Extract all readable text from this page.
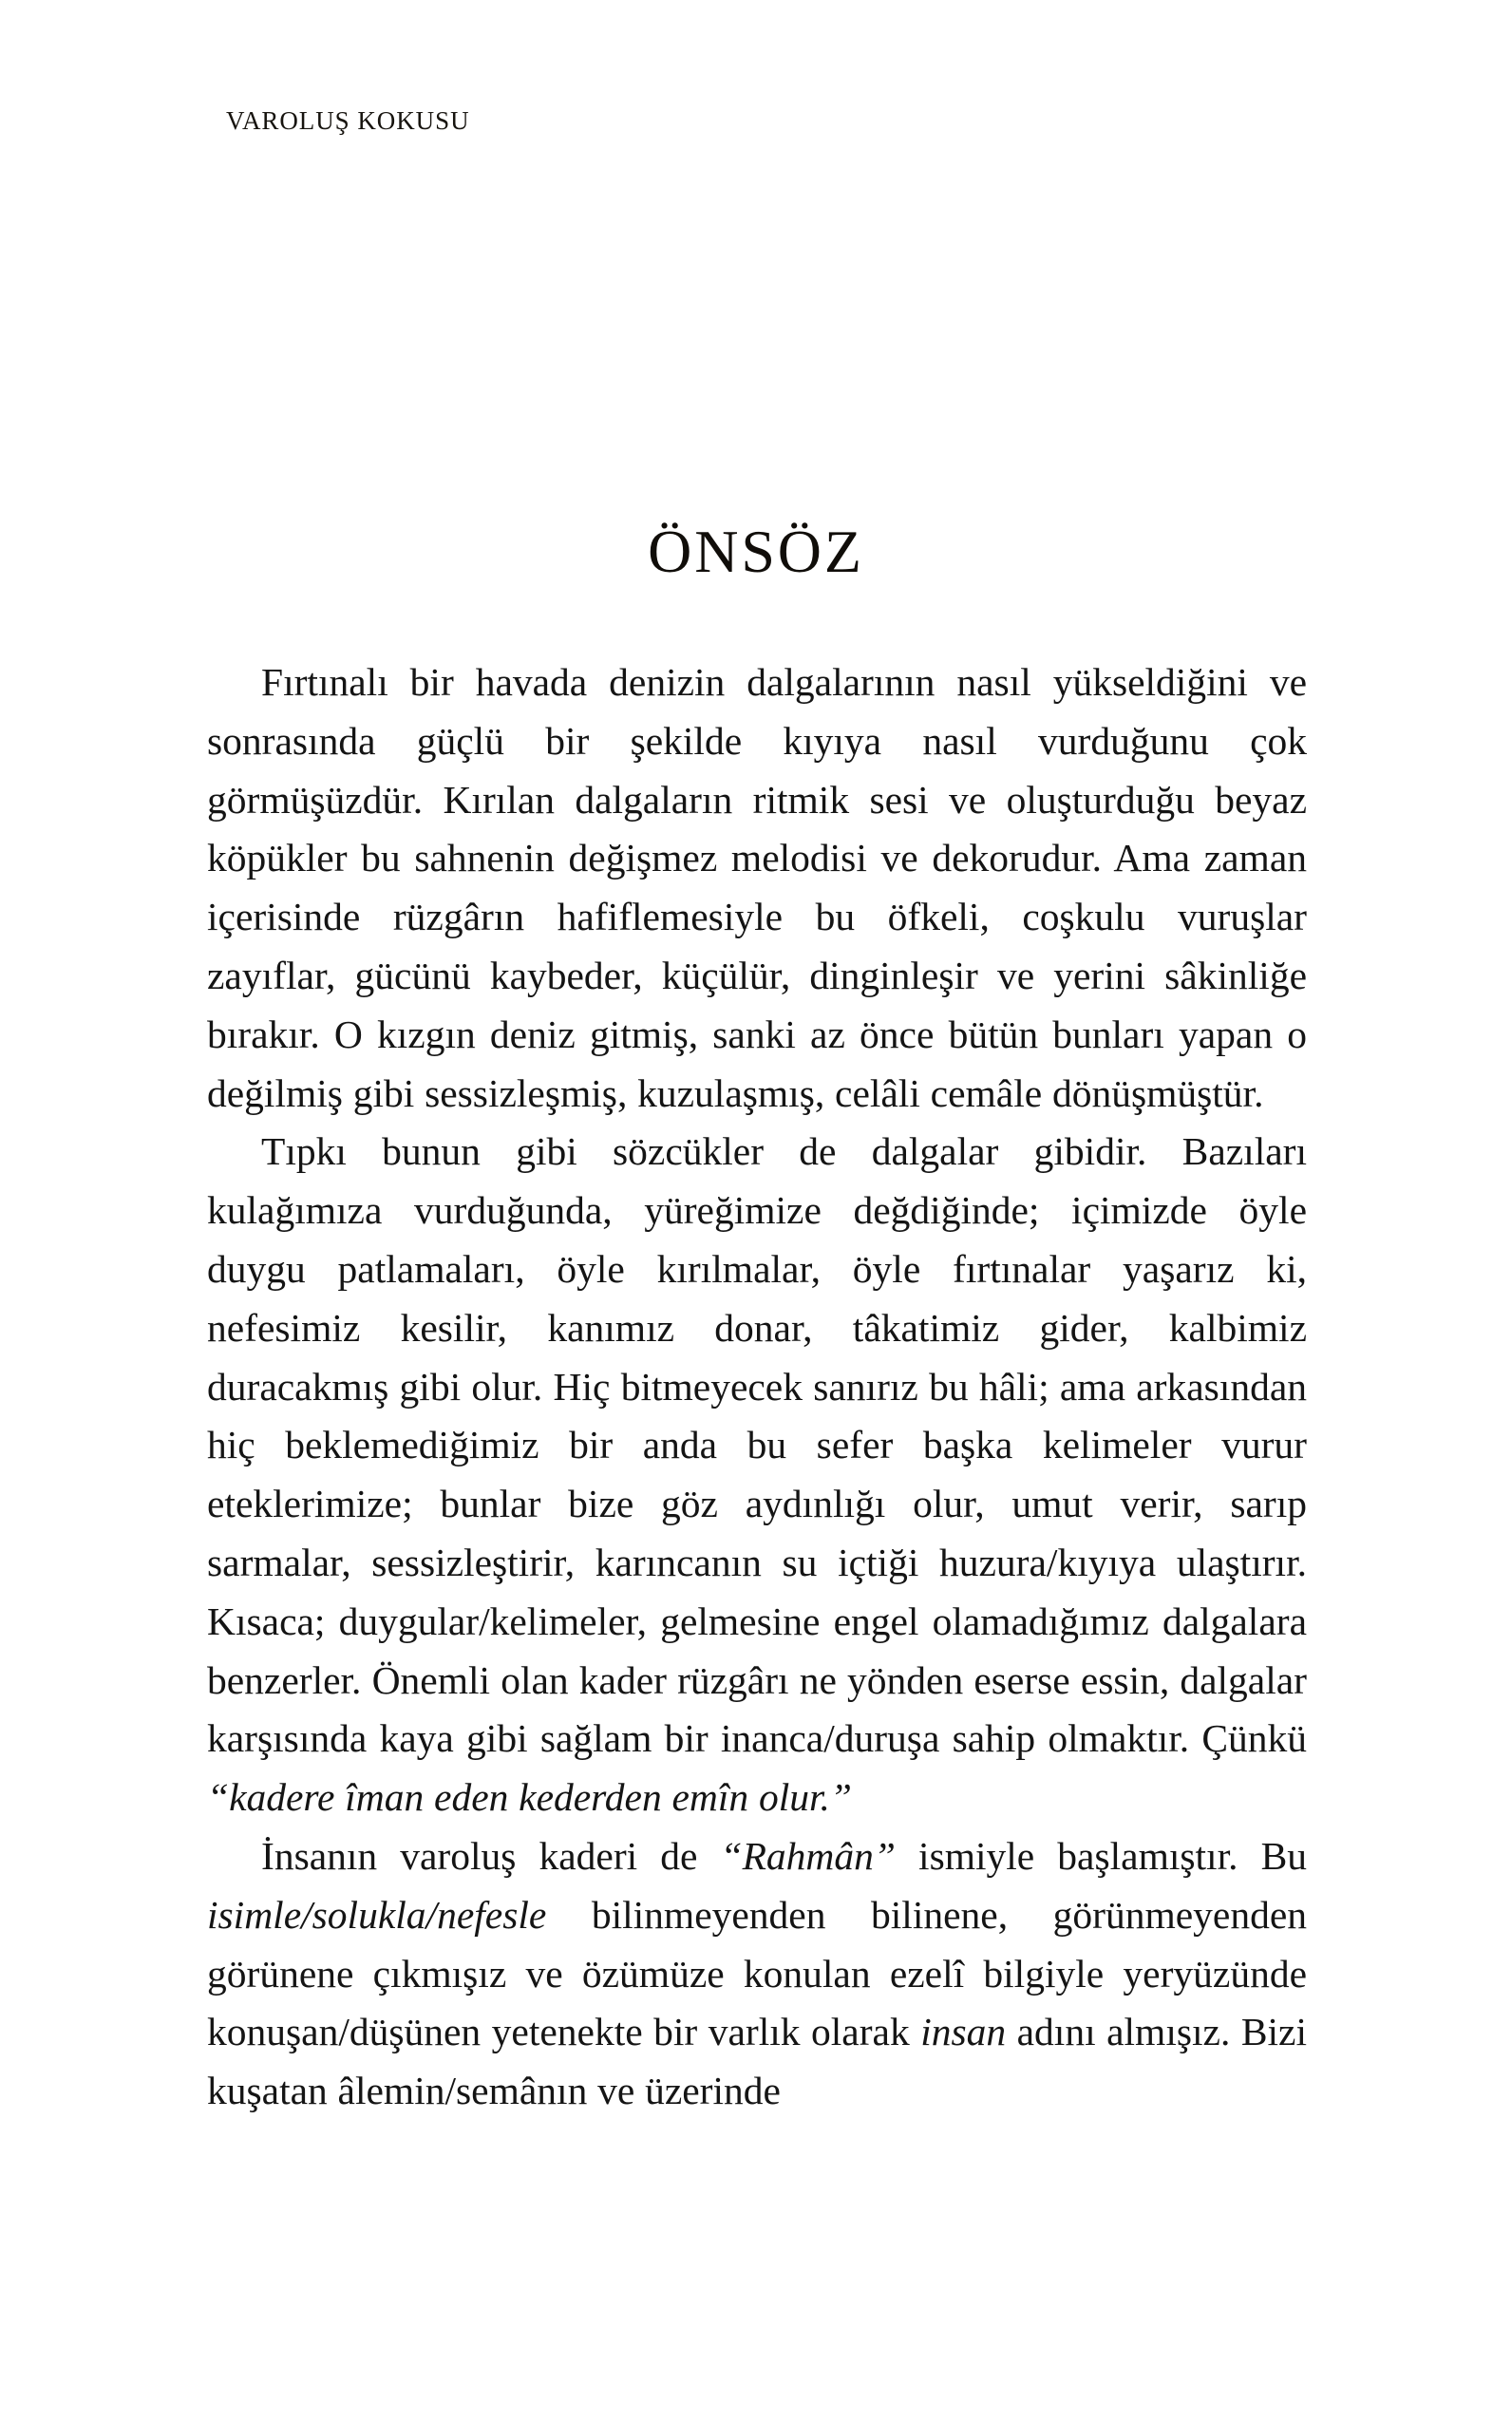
VAROLUŞ KOKUSU
ÖNSÖZ

Fırtınalı bir havada denizin dalgalarının nasıl yükseldiğini ve sonrasında güçlü bir şekilde kıyıya nasıl vurduğunu çok görmüşüzdür. Kırılan dalgaların ritmik sesi ve oluşturduğu beyaz köpükler bu sahnenin değişmez melodisi ve dekorudur. Ama zaman içerisinde rüzgârın hafiflemesiyle bu öfkeli, coşkulu vuruşlar zayıflar, gücünü kaybeder, küçülür, dinginleşir ve yerini sâkinliğe bırakır. O kızgın deniz gitmiş, sanki az önce bütün bunları yapan o değilmiş gibi sessizleşmiş, kuzulaşmış, celâli cemâle dönüşmüştür.

Tıpkı bunun gibi sözcükler de dalgalar gibidir. Bazıları kulağımıza vurduğunda, yüreğimize değdiğinde; içimizde öyle duygu patlamaları, öyle kırılmalar, öyle fırtınalar yaşarız ki, nefesimiz kesilir, kanımız donar, tâkatimiz gider, kalbimiz duracakmış gibi olur. Hiç bitmeyecek sanırız bu hâli; ama arkasından hiç beklemediğimiz bir anda bu sefer başka kelimeler vurur eteklerimize; bunlar bize göz aydınlığı olur, umut verir, sarıp sarmalar, sessizleştirir, karıncanın su içtiği huzura/kıyıya ulaştırır. Kısaca; duygular/kelimeler, gelmesine engel olamadığımız dalgalara benzerler. Önemli olan kader rüzgârı ne yönden eserse essin, dalgalar karşısında kaya gibi sağlam bir inanca/duruşa sahip olmaktır. Çünkü “kadere îman eden kederden emîn olur.”

İnsanın varoluş kaderi de “Rahmân” ismiyle başlamıştır. Bu isimle/solukla/nefesle bilinmeyenden bilinene, görünmeyenden görünene çıkmışız ve özümüze konulan ezelî bilgiyle yeryüzünde konuşan/düşünen yetenekte bir varlık olarak insan adını almışız. Bizi kuşatan âlemin/semânın ve üzerinde
